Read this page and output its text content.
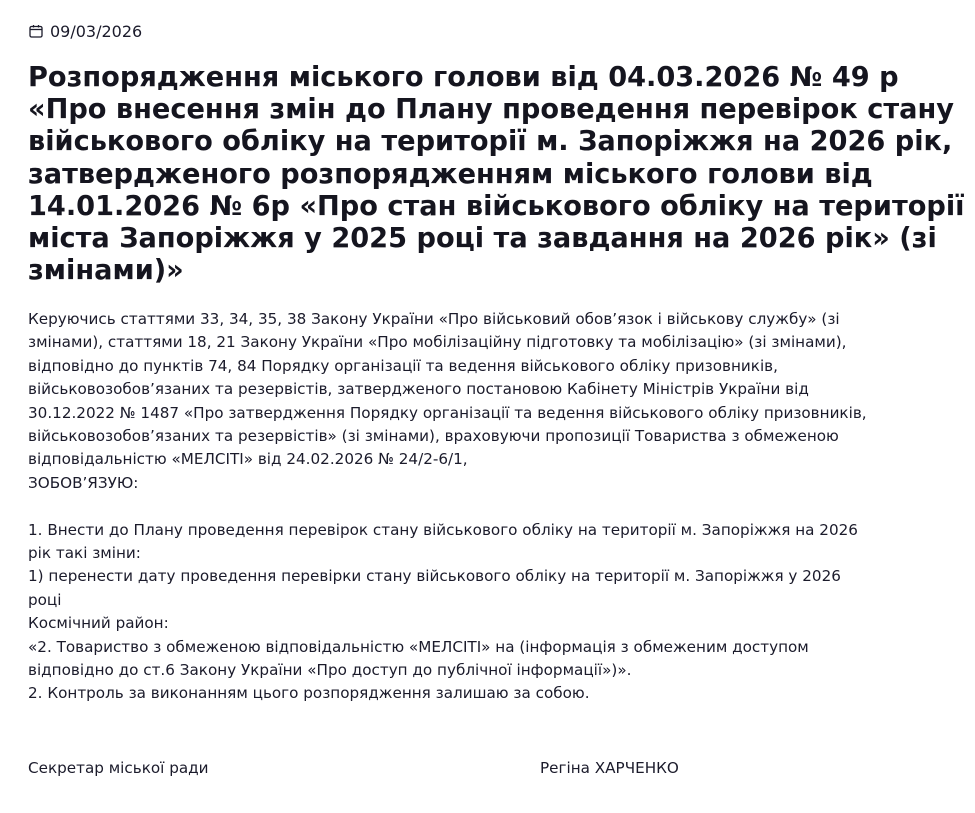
09/03/2026
Розпорядження міського голови від 04.03.2026 № 49 р
«Про внесення змін до Плану проведення перевірок стану
військового обліку на території м. Запоріжжя на 2026 рік,
затвердженого розпорядженням міського голови від
14.01.2026 № 6р «Про стан військового обліку на території
міста Запоріжжя у 2025 році та завдання на 2026 рік» (зі
змінами)»
Керуючись статтями 33, 34, 35, 38 Закону України «Про військовий обов’язок і військову службу» (зі
змінами), статтями 18, 21 Закону України «Про мобілізаційну підготовку та мобілізацію» (зі змінами),
відповідно до пунктів 74, 84 Порядку організації та ведення військового обліку призовників,
військовозобов’язаних та резервістів, затвердженого постановою Кабінету Міністрів України від
30.12.2022 № 1487 «Про затвердження Порядку організації та ведення військового обліку призовників,
військовозобов’язаних та резервістів» (зі змінами), враховуючи пропозиції Товариства з обмеженою
відповідальністю «МЕЛСІТІ» від 24.02.2026 № 24/2-6/1,
ЗОБОВ’ЯЗУЮ:
1. Внести до Плану проведення перевірок стану військового обліку на території м. Запоріжжя на 2026
рік такі зміни:
1) перенести дату проведення перевірки стану військового обліку на території м. Запоріжжя у 2026
році
Космічний район:
«2. Товариство з обмеженою відповідальністю «МЕЛСІТІ» на (інформація з обмеженим доступом
відповідно до ст.6 Закону України «Про доступ до публічної інформації»)».
2. Контроль за виконанням цього розпорядження залишаю за собою.
Секретар міської ради	Регіна ХАРЧЕНКО
